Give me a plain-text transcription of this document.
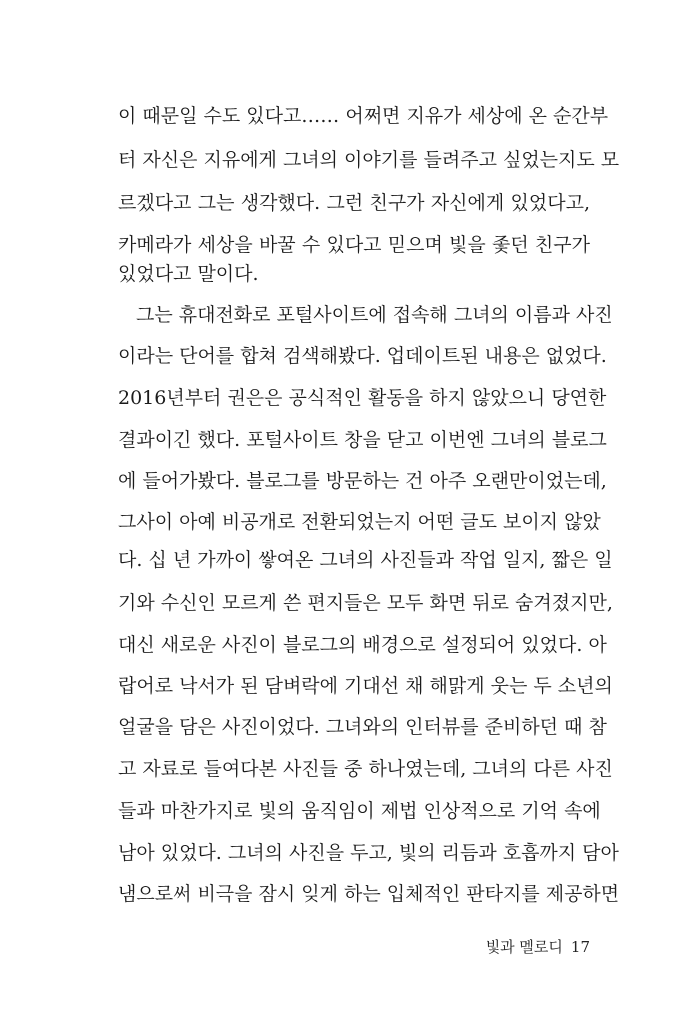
이 때문일 수도 있다고…… 어쩌면 지유가 세상에 온 순간부
터 자신은 지유에게 그녀의 이야기를 들려주고 싶었는지도 모
르겠다고 그는 생각했다. 그런 친구가 자신에게 있었다고,
카메라가 세상을 바꿀 수 있다고 믿으며 빛을 좇던 친구가
있었다고 말이다.
그는 휴대전화로 포털사이트에 접속해 그녀의 이름과 사진
이라는 단어를 합쳐 검색해봤다. 업데이트된 내용은 없었다.
2016년부터 권은은 공식적인 활동을 하지 않았으니 당연한
결과이긴 했다. 포털사이트 창을 닫고 이번엔 그녀의 블로그
에 들어가봤다. 블로그를 방문하는 건 아주 오랜만이었는데,
그사이 아예 비공개로 전환되었는지 어떤 글도 보이지 않았
다. 십 년 가까이 쌓여온 그녀의 사진들과 작업 일지, 짧은 일
기와 수신인 모르게 쓴 편지들은 모두 화면 뒤로 숨겨졌지만,
대신 새로운 사진이 블로그의 배경으로 설정되어 있었다. 아
랍어로 낙서가 된 담벼락에 기대선 채 해맑게 웃는 두 소년의
얼굴을 담은 사진이었다. 그녀와의 인터뷰를 준비하던 때 참
고 자료로 들여다본 사진들 중 하나였는데, 그녀의 다른 사진
들과 마찬가지로 빛의 움직임이 제법 인상적으로 기억 속에
남아 있었다. 그녀의 사진을 두고, 빛의 리듬과 호흡까지 담아
냄으로써 비극을 잠시 잊게 하는 입체적인 판타지를 제공하면
빛과 멜로디 17
